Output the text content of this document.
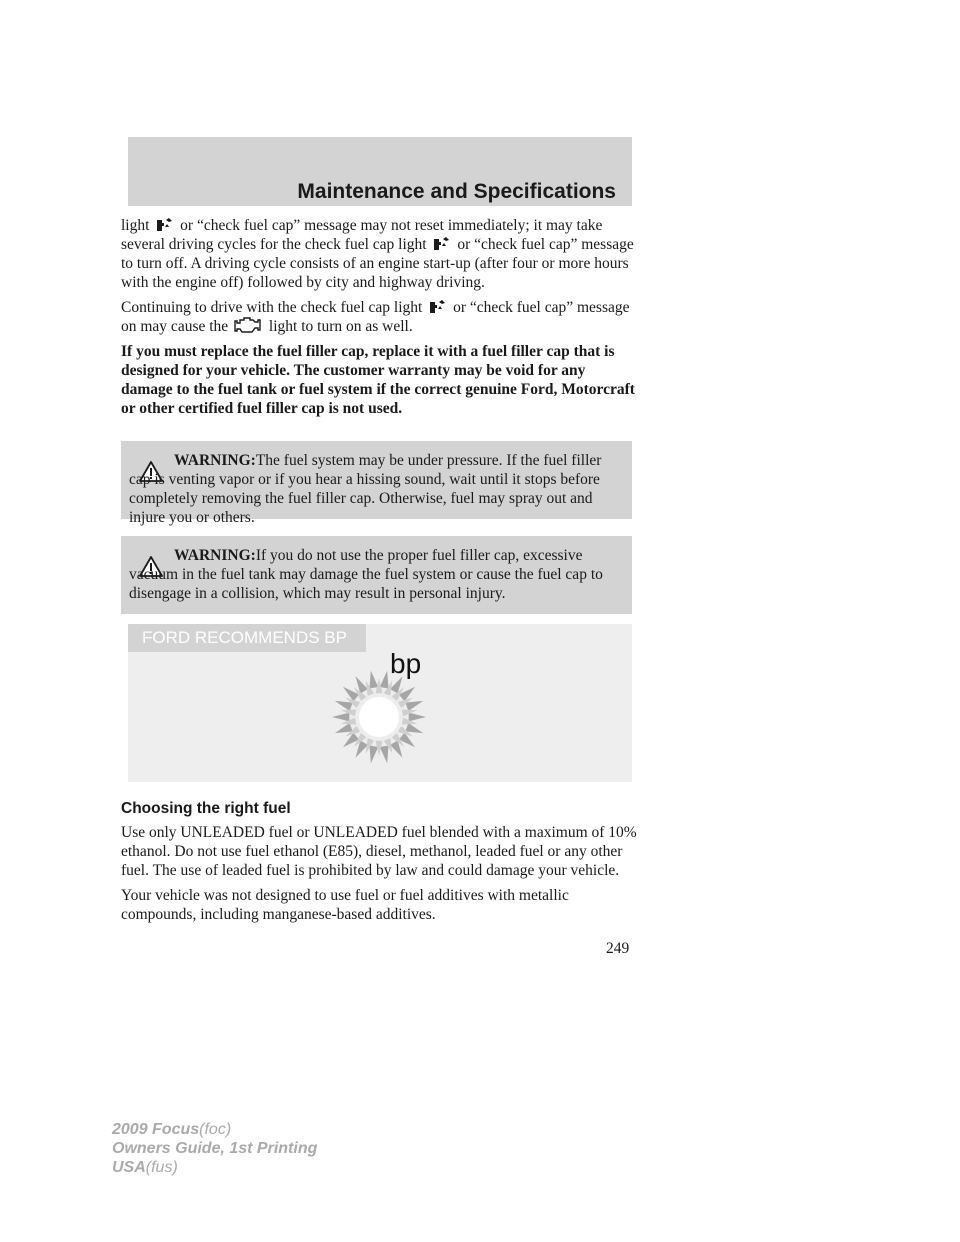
Maintenance and Specifications

light or “check fuel cap” message may not reset immediately; it may take several driving cycles for the check fuel cap light or “check fuel cap” message to turn off. A driving cycle consists of an engine start-up (after four or more hours with the engine off) followed by city and highway driving.

Continuing to drive with the check fuel cap light or “check fuel cap” message on may cause the	light to turn on as well.

If you must replace the fuel filler cap, replace it with a fuel filler cap that is designed for your vehicle. The customer warranty may be void for any damage to the fuel tank or fuel system if the correct genuine Ford, Motorcraft or other certified fuel filler cap is not used.

WARNING:The fuel system may be under pressure. If the fuel filler cap is venting vapor or if you hear a hissing sound, wait until it stops before completely removing the fuel filler cap. Otherwise, fuel may spray out and injure you or others.
WARNING:If you do not use the proper fuel filler cap, excessive vacuum in the fuel tank may damage the fuel system or cause the fuel cap to disengage in a collision, which may result in personal injury.
FORD RECOMMENDS BP
bp
Choosing the right fuel

Use only UNLEADED fuel or UNLEADED fuel blended with a maximum of 10% ethanol. Do not use fuel ethanol (E85), diesel, methanol, leaded fuel or any other fuel. The use of leaded fuel is prohibited by law and could damage your vehicle.

Your vehicle was not designed to use fuel or fuel additives with metallic compounds, including manganese-based additives.

249
2009 Focus(foc)
Owners Guide, 1st Printing
USA(fus)
